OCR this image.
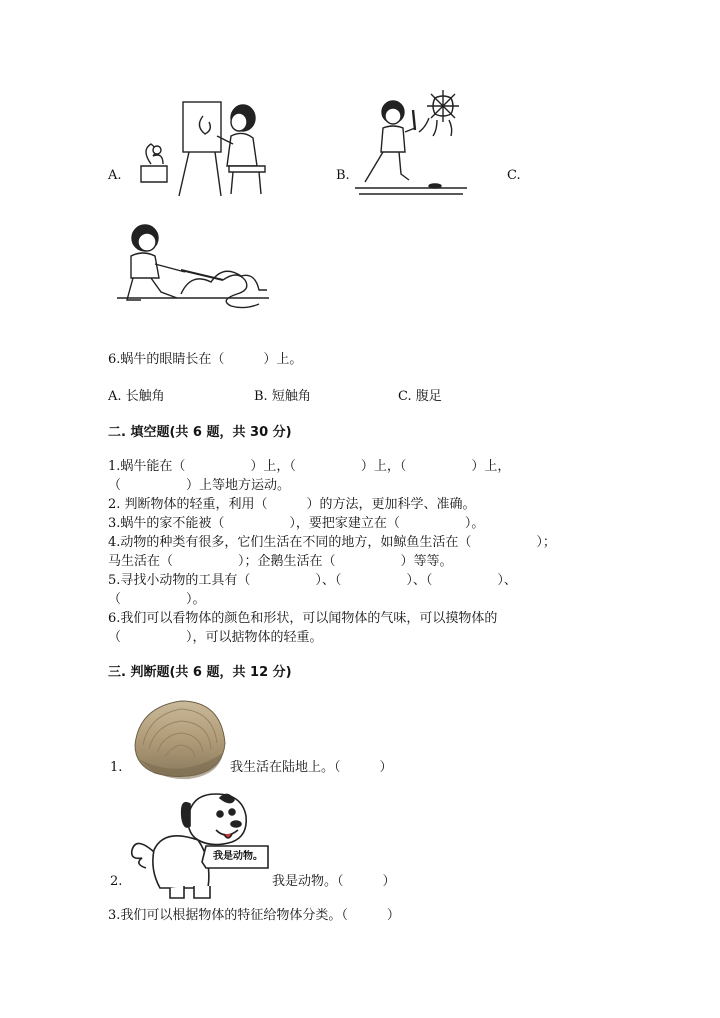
A.	B.	C.
6.蜗牛的眼睛长在（　　　）上。
A. 长触角	B. 短触角	C. 腹足
二. 填空题(共 6 题，共 30 分)
1.蜗牛能在（　　　　　）上，（　　　　　）上，（　　　　　）上，
（　　　　　）上等地方运动。
2. 判断物体的轻重，利用（　　　）的方法，更加科学、准确。
3.蜗牛的家不能被（　　　　　），要把家建立在（　　　　　）。
4.动物的种类有很多，它们生活在不同的地方，如鲸鱼生活在（　　　　　）；
马生活在（　　　　　）；企鹅生活在（　　　　　）等等。
5.寻找小动物的工具有（　　　　　）、（　　　　　）、（　　　　　）、
（　　　　　）。
6.我们可以看物体的颜色和形状，可以闻物体的气味，可以摸物体的
（　　　　　），可以掂物体的轻重。
三. 判断题(共 6 题，共 12 分)
1.	我生活在陆地上。（　　　）
2.
我是动物。
我是动物。（　　　）
3.我们可以根据物体的特征给物体分类。（　　　）
